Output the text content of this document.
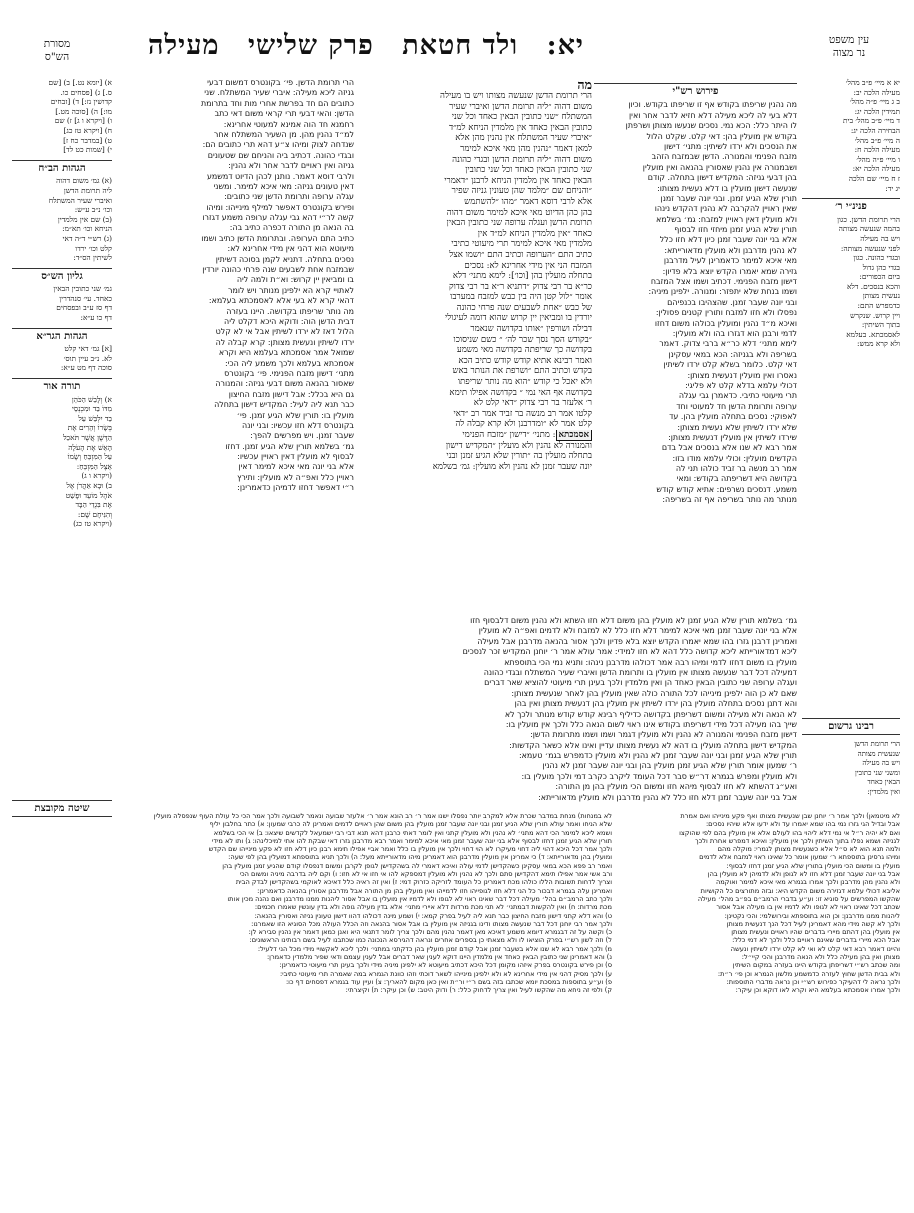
עין משפט
נר מצוה
יא: ולד חטאת פרק שלישי מעילה
מסורת
הש"ס
יא א מיי׳ פ״ב מהל׳
מעילה הלכה יב:
ב ג מיי׳ פ״ה מהל׳
תמידין הלכה יג:
ד מיי׳ פ״ב מהל׳ בית
הבחירה הלכה יג:
ה מיי׳ פ״ב מהל׳
מעילה הלכה ח:
ו מיי׳ פ״ה מהל׳
מעילה הלכה יא:
ז ח מיי׳ שם הלכה
יג יד:
פנינ״י ר׳
הרי תרומת הדשן. כגון
בהמה שנעשה מצותה
ויש בה מעילה
לפני שנעשה מצותה:
ובגדי כהונה. כגון
בגדי כהן גדול
ביום הכפורים:
והכא בנסכים. דלא
נעשית מצותן
כדמפרש התם:
ויין קרוש. שנקרש
בתוך השיתין:
לאסמכתא. בעלמא
ולא קרא ממש:
פירוש רש"י
מה נהנין שריפתו בקודש אף זו שריפתו בקודש. וכיון
דלא בעי לה ליכא מעילה דלא חזיא לדבר אחר ואין
לו היתר כלל: הכא נמי. נסכים שנעשו מצותן ושרפתן
בקודש אין מועלין בהן: דאי קלט. שקלט הלול
את הנסכים ולא ירדו לשיתין: מתני׳ דישון
מזבח הפנימי והמנורה. הדשן שבמזבח הזהב
ושבמנורה אין נהנין שאסורין בהנאה ואין מועלין
בהן דבעי גניזה: המקדיש דישון בתחלה. קודם
שנעשה דישון מועלין בו דלא נעשית מצותו:
תורין שלא הגיע זמנן. ובני יונה שעבר זמנן
שאין ראויין להקרבה לא נהנין דהקדש נינהו
ולא מועלין דאין ראויין למזבח: גמ׳ בשלמא
תורין שלא הגיע זמנן מיחזי חזו לבסוף
אלא בני יונה שעבר זמנן כיון דלא חזו כלל
לא נהנין מדרבנן ולא מועלין מדאורייתא:
מאי איכא למימר כדאמרינן לעיל מדרבנן
גזירה שמא יאמרו הקדש יוצא בלא פדיון:
דישון מזבח הפנימי. דכתיב ושמו אצל המזבח
ושמו בנחת שלא יתפזר: ומנורה. ילפינן מיניה:
ובני יונה שעבר זמנן. שהצהיבו בכנפיהם
נפסלו ולא חזו למזבח ותורין קטנים פסולין:
ואיכא מ״ד נהנין ומועלין בכולהו משום דחזו
לדמי ורבנן הוא דגזרו בהו ולא מועלין:
לימא מתני׳ דלא כר״א ברבי צדוק. דאמר
בשריפה ולא בגניזה: הכא במאי עסקינן
דאי קלט. כלומר בשלא קלט ירדו לשיתין
נאסרו ואין מועלין דנעשית מצותן:
דכולי עלמא בדלא קלט לא פליגי:
תרי מיעוטי כתיבי. כדאמרן גבי עגלה
ערופה ותרומת הדשן חד למעוטי וחד
לאפוקי: נסכים בתחלה מועלין בהן. עד
שלא ירדו לשיתין שלא נעשית מצותן:
שירדו לשיתין אין מועלין דנעשית מצותן:
אמר רבא לא שנו אלא בנסכים אבל בדם
הקדשים מועלין: וכולי עלמא מודו בזו:
אמר רב מנשה בר זביד כולהו תני לה
בקדושה היא דשריפתה בקודש: ומאי
משמע. דנסכים נשרפים: אתיא קודש קודש
מנותר מה נותר בשריפה אף זה בשריפה:
מה
הרי תרומת הדשן שנעשה מצותו ויש בו מעילה
משום דהוה ״ליה תרומת הדשן ואיברי שעיר
המשתלח ״שני כתובין הבאין כאחד וכל שני
כתובין הבאין כאחד אין מלמדין הניחא למ״ד
״איברי שעיר המשתלח אין נהנין מהן אלא
למאן דאמר ״נהנין מהן מאי איכא למימר
משום דהוה ״ליה תרומת הדשן ובגדי כהונה
שני כתובין הבאין כאחד וכל שני כתובין
הבאין כאחד אין מלמדין הניחא לרבנן ״דאמרי
״והניחם שם ״מלמד שהן טעונין גניזה שפיר
אלא לרבי דוסא דאמר ״מהו ״להשתמש
בהן כהן הדיוט מאי איכא למימר משום דהוה
תרומת הדשן ועגלה ערופה שני כתובין הבאין
כאחד ״אין מלמדין הניחא למ״ד אין
מלמדין מאי איכא למימר תרי מיעוטי כתיבי
כתיב התם ״הערופה וכתיב התם ״ושמו אצל
המזבח הני אין מידי אחרינא לא: נסכים
בתחלה מועלין בהן [וכו׳]: לימא מתני׳ דלא
כר״א בר רבי צדוק ״דתניא ר״א בר רבי צדוק
אומר ״לול קטן היה בין כבש למזבח במערבו
של כבש ״אחת לשבעים שנה פרחי כהונה
יורדין בו ומביאין יין קרוש שהוא דומה לעיגולי
דבילה ושורפין ״אותו בקדושה שנאמר
״בקודש הסך נסך שכר לה׳ ״ כשם שניסוכו
בקדושה כך שריפתה בקדושה מאי משמע
ואמר רבינא אתיא קודש קודש כתיב הכא
בקדש וכתיב התם ״ושרפת את הנותר באש
ולא יאכל כי קודש ״הוא מה נותר שריפתו
בקדושה אף האי נמי ״ בקדושה אפילו תימא
ר׳ אלעזר בר רבי צדוק ״דאי קלט לא
קלטו אמר רב מנשה בר זביד אמר רב ״דאי
קלט אמר לא ״ומדרבנן ולא קרא קבלה לה
אסמכתא: מתני׳ ״דישון ״מזבח הפנימי
והמנורה לא נהנין ולא מועלין ״המקדיש דישון
בתחלה מועלין בה ״תורין שלא הגיע זמנן ובני
יונה שעבר זמנן לא נהנין ולא מועלין: גמ׳ בשלמא
הרי תרומת הדשן. פי׳ בקונטרס דמשום דבעי
גניזה ליכא מעילה: איברי שעיר המשתלח. שני
כתובים הם חד בפרשת אחרי מות וחד בתרומת
הדשן: והאי דבעי תרי קראי משום דאי כתב
רחמנא חד הוה אמינא למעוטי אחרינא:
למ״ד נהנין מהן. מן השעיר המשתלח אחר
שנדחה לצוק ומיהו צ״ע דהא תרי כתובים הם:
ובגדי כהונה. דכתיב ביה והניחם שם שטעונים
גניזה ואין ראויים לדבר אחר ולא נהנין:
ולרבי דוסא דאמר. נותנן לכהן הדיוט דמשמע
דאין טעונים גניזה: מאי איכא למימר. ומשני
עגלה ערופה ותרומת הדשן שני כתובים:
ופירש בקונטרס דאפשר למילף מינייהו: ומיהו
קשה לר״י דהא גבי עגלה ערופה משמע דגזרו
בה הנאה מן התורה דכפרה כתיב בה:
כתיב התם הערופה. ובתרומת הדשן כתיב ושמו
מיעוטא הוא דהני אין מידי אחרינא לא:
נסכים בתחלה. דתניא לקמן בסוכה דשיתין
שבמזבח אחת לשבעים שנה פרחי כהונה יורדין
בו ומביאין יין קרוש: וא״ת ולמה ליה
לאתויי קרא הא ילפינן מנותר ויש לומר
דהאי קרא לא בעי אלא לאסמכתא בעלמא:
מה נותר שריפתו בקדושה. היינו בעזרה
דבית הדשן הוה: ודוקא היכא דקלט ליה
הלול דאז לא ירדו לשיתין אבל אי לא קלט
ירדו לשיתין ונעשית מצותן: קרא קבלה לה
שמואל אמר אסמכתא בעלמא היא וקרא
אסמכתא בעלמא ולכך משמע ליה הכי:
מתני׳ דישון מזבח הפנימי. פי׳ בקונטרס
שאסור בהנאה משום דבעי גניזה: והמנורה
גם היא בכלל: אבל דישון מזבח החיצון
כבר תנא ליה לעיל: המקדיש דישון בתחלה
מועלין בו: תורין שלא הגיע זמנן. פי׳
בקונטרס דלא חזו עכשיו: ובני יונה
שעבר זמנן. ויש מפרשים להפך:
גמ׳ בשלמא תורין שלא הגיע זמנן. דחזו
לבסוף לא מועלין דאין ראויין עכשיו:
אלא בני יונה מאי איכא למימר דאין
ראויין כלל ואפ״ה לא מועלין: ותירץ
ר״י דאפשר דחזו לדמיהן כדאמרינן:
א) [יומא נט.] ב) [שם
ס.] ג) [פסחים כו.
קדושין נז:] ד) [זבחים
מו:] ה) [סוכה מט.]
ו) [ויקרא ו ג] ז) שם
ח) [ויקרא טז כג]
ט) [במדבר כח ז]
י) [שמות כט לד]
הגהות הב״ח
(א) גמ׳ משום דהוה
ליה תרומת הדשן
ואיברי שעיר המשתלח
וכו׳ נ״ב ע״ש:
(ב) שם אין מלמדין
הניחא וכו׳ תא״מ:
(ג) רש״י ד״ה דאי
קלט וכו׳ ירדו
לשיתין הס״ד:
גליון הש״ס
גמ׳ שני כתובין הבאין
כאחד. עי׳ סנהדרין
דף סז ע״ב ובפסחים
דף כו ע״א:
הגהות הגר״א
[א] גמ׳ דאי קלט
לא. נ״ב עיין תוס׳
סוכה דף מט ע״א:
תורה אור
א) וְלָבַשׁ הַכֹּהֵן
מִדּוֹ בַד וּמִכְנְסֵי
בַד יִלְבַּשׁ עַל
בְּשָׂרוֹ וְהֵרִים אֶת
הַדֶּשֶׁן אֲשֶׁר תֹּאכַל
הָאֵשׁ אֶת הָעֹלָה
עַל הַמִּזְבֵּחַ וְשָׂמוֹ
אֵצֶל הַמִּזְבֵּחַ:
(ויקרא ו ג)
ב) וּבָא אַהֲרֹן אֶל
אֹהֶל מוֹעֵד וּפָשַׁט
אֶת בִּגְדֵי הַבָּד
וְהִנִּיחָם שָׁם:
(ויקרא טז כג)
גמ׳ בשלמא תורין שלא הגיע זמנן לא מועלין בהן משום דלא חזו השתא ולא נהנין משום דלבסוף חזו
אלא בני יונה שעבר זמנן מאי איכא למימר דלא חזו כלל לא למזבח ולא לדמים ואפ״ה לא מועלין
ואמרינן דרבנן גזרו בהו שמא יאמרו הקדש יוצא בלא פדיון ולכך אסור בהנאה מדרבנן אבל מעילה
ליכא דמדאורייתא ליכא קדושה כלל דהא לא חזו למידי: אמר עולא אמר ר׳ יוחנן המקדיש זכר לנסכים
מועלין בו משום דחזו לדמי ומיהו רבה אמר דכולהו מדרבנן נינהו: ותניא נמי הכי בתוספתא
דמעילה דכל דבר שנעשה מצותו אין מועלין בו ותרומת הדשן ואיברי שעיר המשתלח ובגדי כהונה
ועגלה ערופה שני כתובין הבאין כאחד הן ואין מלמדין ולכך בעינן תרי מיעוטי להוציא שאר דברים
שאם לא כן הוה ילפינן מינייהו לכל התורה כולה שאין מועלין בהן לאחר שנעשית מצותן:
והא דתנן נסכים בתחלה מועלין בהן ירדו לשיתין אין מועלין בהן דנעשית מצותן ואין בהן
לא הנאה ולא מעילה ומשום דשריפתן בקדושה כדיליף רבינא קודש קודש מנותר ולכך לא
שייך בהו מעילה דכל מידי דשריפתו בקודש אינו ראוי לשום הנאה כלל ולכך אין מועלין בו:
דישון מזבח הפנימי והמנורה לא נהנין ולא מועלין דגמר ושמו ושמו מתרומת הדשן:
המקדיש דישון בתחלה מועלין בו דהא לא נעשית מצותו עדיין ואינו אלא כשאר הקדשות:
תורין שלא הגיע זמנן ובני יונה שעבר זמנן לא נהנין ולא מועלין כדמפרש בגמ׳ טעמא:
ר׳ שמעון אומר תורין שלא הגיע זמנן מועלין בהן ובני יונה שעבר זמנן לא נהנין
ולא מועלין ומפרש בגמרא דר״ש סבר דכל העומד ליקרב כקרב דמי ולכך מועלין בו:
ואע״ג דהשתא לא חזו לבסוף מיהא חזו ומשום הכי מועלין בהן מן התורה:
אבל בני יונה שעבר זמנן דלא חזו כלל לא נהנין מדרבנן ולא מועלין מדאורייתא:
רבינו גרשום
הרי תרומת הדשן
שנעשית מצותה
ויש בה מעילה
ומשני שני כתובין
הבאין כאחד
ואין מלמדין:
שיטה מקובצת
לא במנחות) מנחת במדבר שכרת אלא למקרב יותר נפסלו ישנו אמר ר׳ רב הונא אמר ר׳ אלעזר שבועה ונאמר לשבועה ולכך אמר הכי כל עולת העוף שנפסלה מועלין
שלא הניחו ואמר עולא תורין שלא הגיע זמנן ובני יונה שעבר זמנן מועלין בהן משום שהן ראויים לדמים ואמרינן לה כרבי שמעון: א) כתר בחלבון יליף
ושמא ליכא למימר הכי דהא מתני׳ לא נהנין ולא מועלין קתני ואין לומר דאתי כרבנן דהא תנא דבי רבי ישמעאל לקדשים שיצאו: ב) אי הכי בשלמא
תורין שלא הגיע זמנן דחזו לבסוף אלא בני יונה שעבר זמנן מאי איכא למימר ואמר רבא מדרבנן גזרו דאי שבקת להו אתי למיכלינהו: ג) ותו לא מידי
ולכך אמר דכל היכא דהוי ליה דחוי מעיקרו לא הוי דחוי ולכך אין מועלין בו כלל ואמר אביי אפילו תימא רבנן כיון דלא חזו לא פקע מינייהו שם הקדש
ומועלין בהן מדאורייתא: ד) כי אמרינן אין מועלין מדרבנן הוא דאמרינן מיהו מדאורייתא מעל: ה) ולכך תניא בתוספתא דמועלין בהן לפי שעה:
ואמר רב פפא הכא במאי עסקינן כשהקדישן לדמי עולה ואיכא דאמרי לה בשהקדישן לגופן לקרבן ומשום דנפסלו קודם שהגיע זמנן מועלין בהן
ורב אשי אמר אפילו תימא דהקדישן סתם ולכך לא נהנין ולא מועלין דמספקא להו אי חזו אי לא חזו: ו) וקם ליה בדרבה מיניה ומשום הכי
וצריך לדחות תשובות הללו כולהו מכח דאמרינן כל העומד לזריקה כזרוק דמי: ז) ואין זה ראיה כלל דאיכא לאוקמי בשהקדישן לבדק הבית
ואמרינן עלה בגמרא דבכור כל הני דלא חזו לגופייהו חזו לדמייהו ואין מועלין בהן מן התורה אבל מדרבנן אסורין בהנאה כדאמרינן:
ולכך כתב הרמב״ם בהל׳ מעילה דכל דבר שאינו ראוי לא לגופו ולא לדמיו אין מועלין בו אבל אסור ליהנות ממנו מדרבנן ואם נהנה מכין אותו
מכת מרדות: ח) ואין להקשות דבמתני׳ לא תני מכת מרדות דלא איירי מתני׳ אלא בדין מעילה גופה ולא בדין עונשין שאמרו חכמים:
ט) והא דלא קתני דישון מזבח החיצון כבר תנא ליה לעיל בפרק קמא: י) ושמע מינה דכולהו דהוו דישון טעונין גניזה ואסורין בהנאה:
ולכך אמר רבי יוחנן דכל דבר שנעשה מצותו ודינו בגניזה אין מועלין בו אבל אסור בהנאה וזה הכלל העולה מכל הסוגיא הזו שאמרנו:
כ) וקשה על זה דבגמרא דיומא משמע דאיכא מאן דאמר נהנין מהם ולכך צריך לומר דתנאי היא ואנן כמאן דאמר אין נהנין סבירא לן:
ל) וזה לשון רש״י בפרק הוציאו לו ולא מצאתי כן בספרים אחרים ונראה דהגירסא הנכונה כמו שכתבנו לעיל בשם רבותינו הראשונים:
מ) ולכך אמר רבא לא שנו אלא בשעבר זמנן אבל קודם זמנן מועלין בהן כדקתני במתני׳ ולכך ליכא לאקשויי מידי מכל הני דלעיל:
נ) והא דאמרינן שני כתובין הבאין כאחד אין מלמדין היינו דוקא לענין שאר דברים אבל לענין עצמם ודאי שפיר מלמדין כדאמרן:
ס) וכן פירש בקונטרס בפרק איזהו מקומן דכל היכא דכתיב מיעוטא לא ילפינן מיניה מידי ולכך בעינן תרי מיעוטי כדאמרינן:
ע) ולכך מסיק דהני אין מידי אחרינא לא ולא ילפינן מינייהו לשאר דוכתי וזהו כוונת הגמרא במה שאמרה תרי מיעוטי כתיבי:
פ) וע״ע בתוספות במסכת יומא שכתבו בזה בשם ר״י ור״ת ואין כאן מקום להאריך: צ) ועיין עוד בגמרא דפסחים דף כו:
ק) ולפי זה ניחא מה שהקשו לעיל ואין צריך לדחוק כלל: ר) ודוק היטב: ש) וכן עיקר: ת) וקיצרתי:
לא מיטמאן) ולכך אמר ר׳ יוחנן שבן שנעשית מצותו ואף פקע מינייהו ואם אמרת
אבל ובדיל הגי גזרו נמי בהו שמא יאמרו עד ולא ידעו אלא שיהיו נסכים:
ואם לא יהיה ר״ל אי נמי דלא ליהוי בהו לעולם אלא אין מועלין בהם לפי שהוקצו
לגניזה ושמא נפלו בתוך השיתין ולכך אין מועלין: ואיכא דמפרש אחרת ולכך
ולמה תנא הוא לא ס״ל אלא כשנעשית מצותן לגמרי: מוקלה מהם
ומיהו גרסינן בתוספתא ר׳ שמעון אומר כל שאינו ראוי למזבח אלא לדמים
מועלין בו ומשום הכי מועלין בתורין שלא הגיע זמנן דחזו לבסוף:
אבל בני יונה שעבר זמנן דלא חזו לא לגופן ולא לדמיהן לא מועלין בהן
ולא נהנין מהן מדרבנן ולכך אמרו בגמרא מאי איכא למימר ואוקמה
אליבא דכולי עלמא דגזירה משום הקדש היא: ובזה מתורצים כל הקושיות
שהקשו המפרשים על סוגיא זו: וע״ע בדברי הרמב״ם בפ״ב מהל׳ מעילה
שכתב דכל שאינו ראוי לא לגופו ולא לדמיו אין בו מעילה אבל אסור
ליהנות ממנו מדרבנן: וכן הוא בתוספתא ובירושלמי: והכי נקטינן:
ולכך לא קשה מידי מהא דאמרינן לעיל דכל הנך דנעשית מצותן
אין מועלין בהן דהתם מיירי בדברים שהיו ראויים ונעשית מצותן
אבל הכא מיירי בדברים שאינם ראויים כלל ולכך לא דמי כלל:
והיינו דאמר רבא דאי קלט לא ואי לא קלט ירדו לשיתין ונעשה
מצותן ואין בהן מעילה כלל ולא הנאה מדרבנן והכי קיי״ל:
ומה שכתב רש״י דשריפתן בקודש היינו בעזרה במקום השיתין
ולא בבית הדשן שחוץ לעזרה כדמשמע מלשון הגמרא וכן פי׳ ר״ת:
ולכך נראה לי דהעיקר כפירוש רש״י וכן נראה מדברי התוספות:
ולכך אמרו אסמכתא בעלמא היא וקרא לאו דוקא וכן עיקר:
